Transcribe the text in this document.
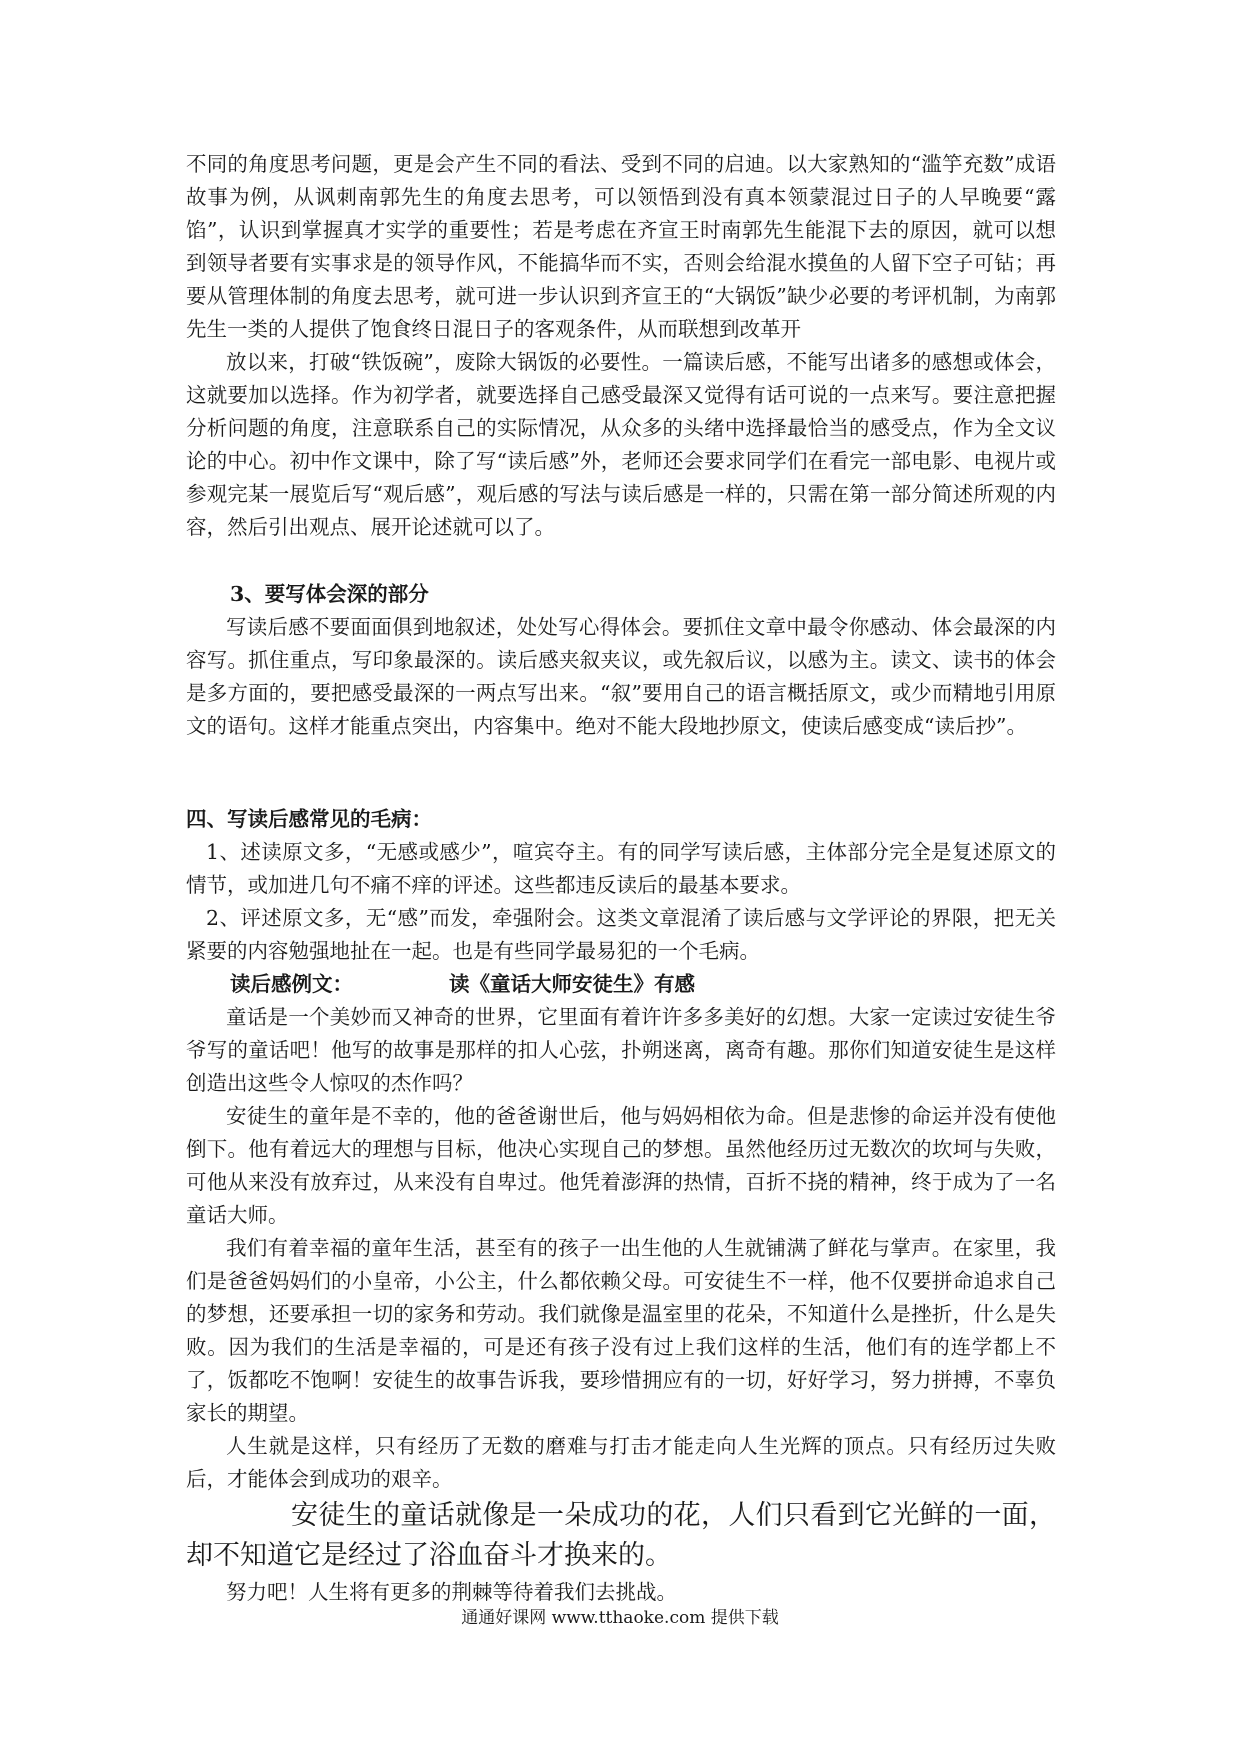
不同的角度思考问题，更是会产生不同的看法、受到不同的启迪。以大家熟知的“滥竽充数”成语故事为例，从讽刺南郭先生的角度去思考，可以领悟到没有真本领蒙混过日子的人早晚要“露馅”，认识到掌握真才实学的重要性；若是考虑在齐宣王时南郭先生能混下去的原因，就可以想到领导者要有实事求是的领导作风，不能搞华而不实，否则会给混水摸鱼的人留下空子可钻；再要从管理体制的角度去思考，就可进一步认识到齐宣王的“大锅饭”缺少必要的考评机制，为南郭先生一类的人提供了饱食终日混日子的客观条件，从而联想到改革开

放以来，打破“铁饭碗”，废除大锅饭的必要性。一篇读后感，不能写出诸多的感想或体会，这就要加以选择。作为初学者，就要选择自己感受最深又觉得有话可说的一点来写。要注意把握分析问题的角度，注意联系自己的实际情况，从众多的头绪中选择最恰当的感受点，作为全文议论的中心。初中作文课中，除了写“读后感”外，老师还会要求同学们在看完一部电影、电视片或参观完某一展览后写“观后感”，观后感的写法与读后感是一样的，只需在第一部分简述所观的内容，然后引出观点、展开论述就可以了。

3、要写体会深的部分

写读后感不要面面俱到地叙述，处处写心得体会。要抓住文章中最令你感动、体会最深的内容写。抓住重点，写印象最深的。读后感夹叙夹议，或先叙后议，以感为主。读文、读书的体会是多方面的，要把感受最深的一两点写出来。“叙”要用自己的语言概括原文，或少而精地引用原文的语句。这样才能重点突出，内容集中。绝对不能大段地抄原文，使读后感变成“读后抄”。

四、写读后感常见的毛病：

1、述读原文多，“无感或感少”，喧宾夺主。有的同学写读后感，主体部分完全是复述原文的情节，或加进几句不痛不痒的评述。这些都违反读后的最基本要求。

2、评述原文多，无“感”而发，牵强附会。这类文章混淆了读后感与文学评论的界限，把无关紧要的内容勉强地扯在一起。也是有些同学最易犯的一个毛病。

读后感例文：	读《童话大师安徒生》有感

童话是一个美妙而又神奇的世界，它里面有着许许多多美好的幻想。大家一定读过安徒生爷爷写的童话吧！他写的故事是那样的扣人心弦，扑朔迷离，离奇有趣。那你们知道安徒生是这样创造出这些令人惊叹的杰作吗？

安徒生的童年是不幸的，他的爸爸谢世后，他与妈妈相依为命。但是悲惨的命运并没有使他倒下。他有着远大的理想与目标，他决心实现自己的梦想。虽然他经历过无数次的坎坷与失败，可他从来没有放弃过，从来没有自卑过。他凭着澎湃的热情，百折不挠的精神，终于成为了一名童话大师。

我们有着幸福的童年生活，甚至有的孩子一出生他的人生就铺满了鲜花与掌声。在家里，我们是爸爸妈妈们的小皇帝，小公主，什么都依赖父母。可安徒生不一样，他不仅要拼命追求自己的梦想，还要承担一切的家务和劳动。我们就像是温室里的花朵，不知道什么是挫折，什么是失败。因为我们的生活是幸福的，可是还有孩子没有过上我们这样的生活，他们有的连学都上不了，饭都吃不饱啊！安徒生的故事告诉我，要珍惜拥应有的一切，好好学习，努力拼搏，不辜负家长的期望。

人生就是这样，只有经历了无数的磨难与打击才能走向人生光辉的顶点。只有经历过失败后，才能体会到成功的艰辛。

安徒生的童话就像是一朵成功的花，人们只看到它光鲜的一面，却不知道它是经过了浴血奋斗才换来的。

努力吧！人生将有更多的荆棘等待着我们去挑战。

通通好课网 www.tthaoke.com 提供下载
